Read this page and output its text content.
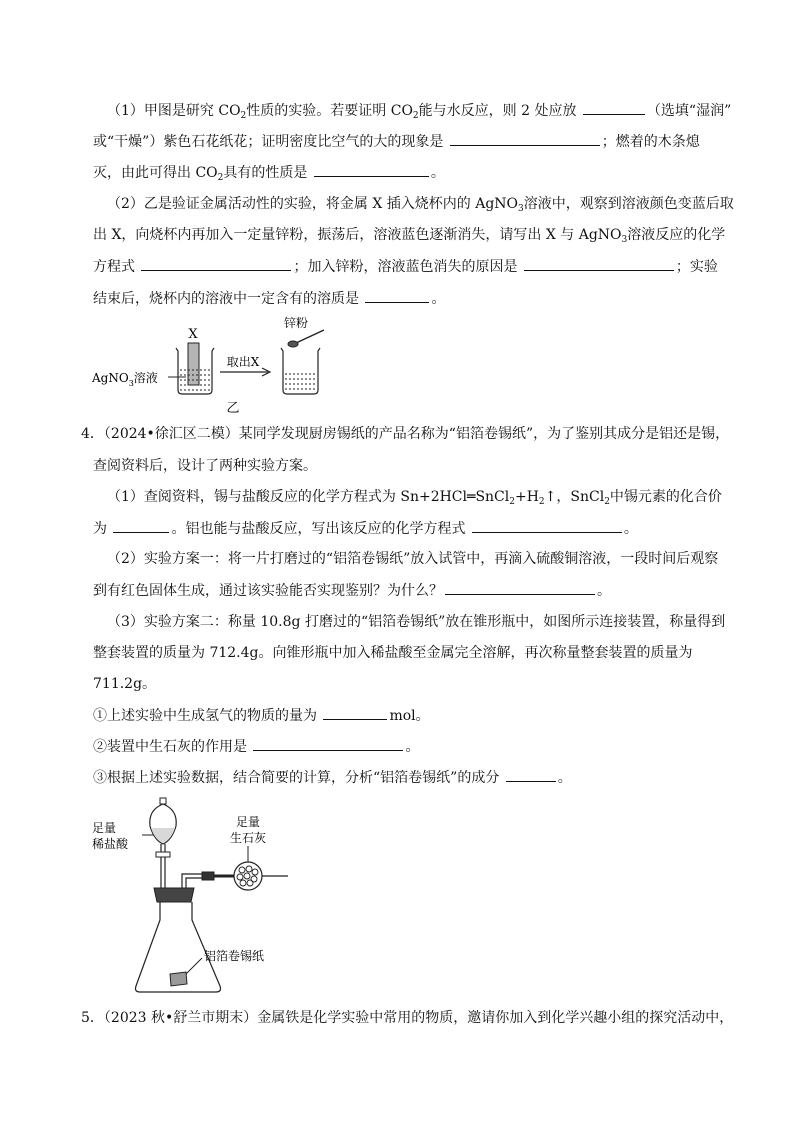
（1）甲图是研究 $CO_2$性质的实验。若要证明 $CO_2$能与水反应，则 2 处应放	（选填“湿润”
或“干燥”）紫色石花纸花；证明密度比空气的大的现象是	；燃着的木条熄
灭，由此可得出 $CO_2$具有的性质是	。
（2）乙是验证金属活动性的实验，将金属 X 插入烧杯内的 AgNO$_3$溶液中，观察到溶液颜色变蓝后取
出 X，向烧杯内再加入一定量锌粉，振荡后，溶液蓝色逐渐消失，请写出 X 与 AgNO$_3$溶液反应的化学
方程式	；加入锌粉，溶液蓝色消失的原因是	；实验
结束后，烧杯内的溶液中一定含有的溶质是	。
X
AgNO$_3$溶液
取出X
锌粉
乙
4．（2024•徐汇区二模）某同学发现厨房锡纸的产品名称为“铝箔卷锡纸”，为了鉴别其成分是铝还是锡，
查阅资料后，设计了两种实验方案。
（1）查阅资料，锡与盐酸反应的化学方程式为 $Sn+2HCl═SnCl_2+H_2↑$，SnCl$_2$中锡元素的化合价
为	。铝也能与盐酸反应，写出该反应的化学方程式	。
（2）实验方案一：将一片打磨过的“铝箔卷锡纸”放入试管中，再滴入硫酸铜溶液，一段时间后观察
到有红色固体生成，通过该实验能否实现鉴别？为什么？	。
（3）实验方案二：称量 10.8g 打磨过的“铝箔卷锡纸”放在锥形瓶中，如图所示连接装置，称量得到
整套装置的质量为 712.4g。向锥形瓶中加入稀盐酸至金属完全溶解，再次称量整套装置的质量为
711.2g。
①上述实验中生成氢气的物质的量为	mol。
②装置中生石灰的作用是	。
③根据上述实验数据，结合简要的计算，分析“铝箔卷锡纸”的成分	。
足量
稀盐酸
足量
生石灰
铝箔卷锡纸
5．（2023 秋•舒兰市期末）金属铁是化学实验中常用的物质，邀请你加入到化学兴趣小组的探究活动中，
